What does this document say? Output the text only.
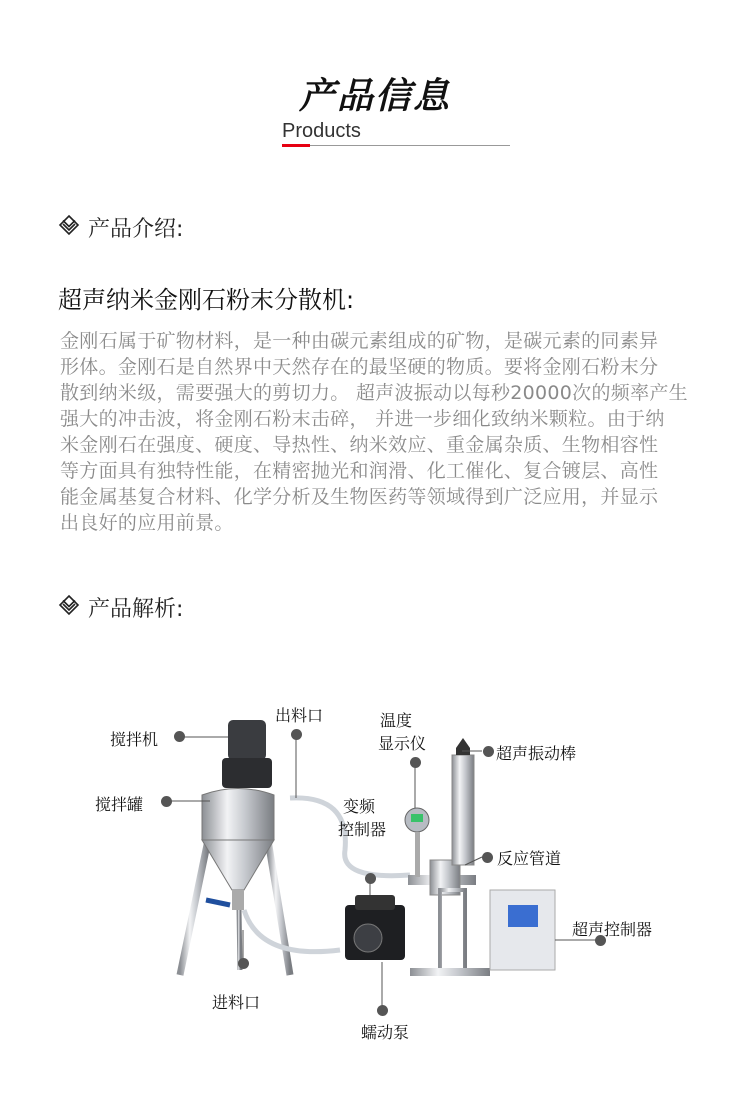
产品信息
Products
产品介绍:
超声纳米金刚石粉末分散机:
金刚石属于矿物材料，是一种由碳元素组成的矿物，是碳元素的同素异
形体。金刚石是自然界中天然存在的最坚硬的物质。要将金刚石粉末分
散到纳米级，需要强大的剪切力。 超声波振动以每秒20000次的频率产生
强大的冲击波，将金刚石粉末击碎， 并进一步细化致纳米颗粒。由于纳
米金刚石在强度、硬度、导热性、纳米效应、重金属杂质、生物相容性
等方面具有独特性能，在精密抛光和润滑、化工催化、复合镀层、高性
能金属基复合材料、化学分析及生物医药等领域得到广泛应用，并显示
出良好的应用前景。
产品解析:
搅拌机
出料口	温度
显示仪
超声振动棒
搅拌罐	变频
控制器
反应管道
超声控制器
进料口
蠕动泵
